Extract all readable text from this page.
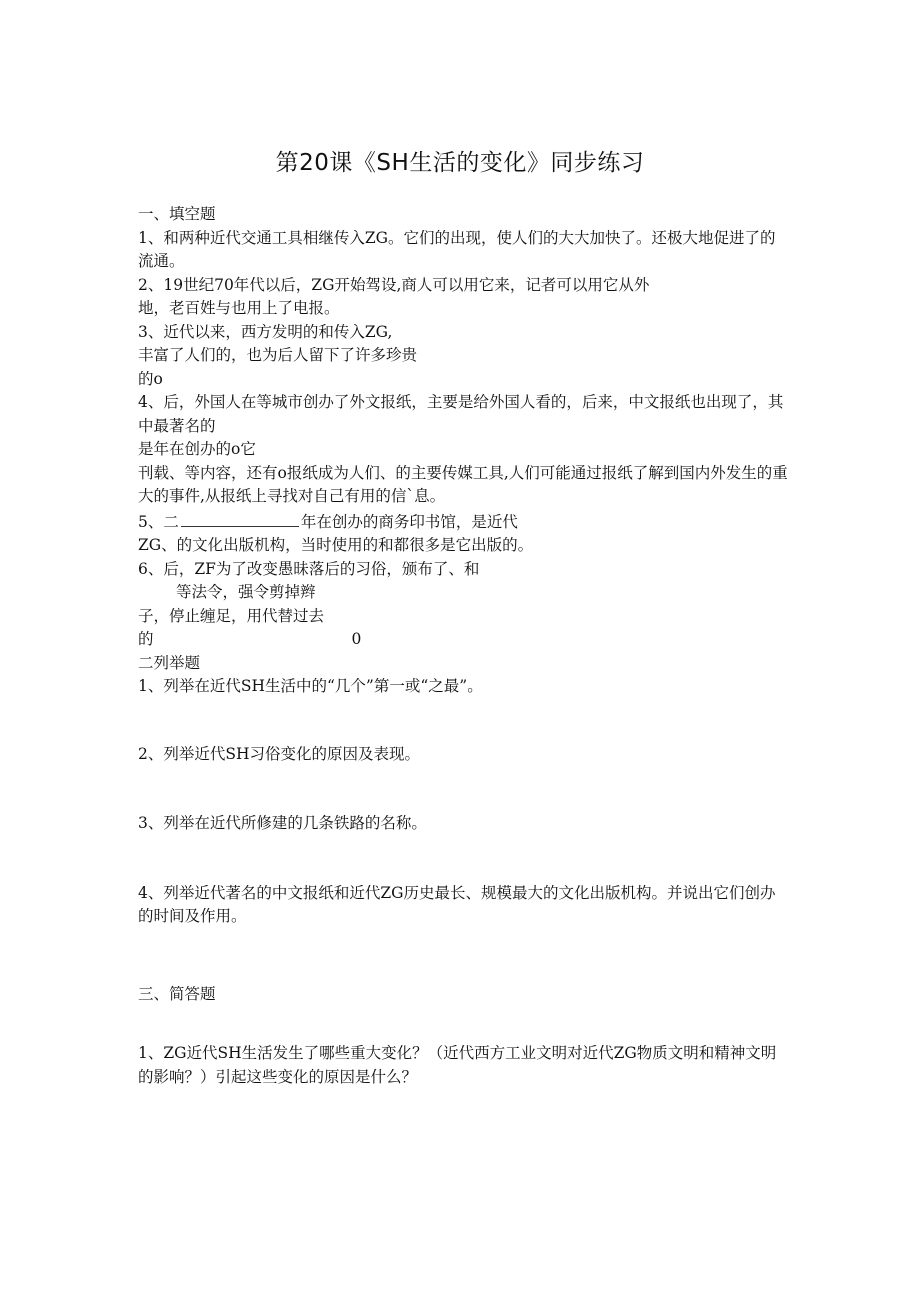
第20课《SH生活的变化》同步练习
一、填空题
1、和两种近代交通工具相继传入ZG。它们的出现，使人们的大大加快了。还极大地促进了的
流通。
2、19世纪70年代以后，ZG开始驾设,商人可以用它来，记者可以用它从外
地，老百姓与也用上了电报。
3、近代以来，西方发明的和传入ZG,
丰富了人们的，也为后人留下了许多珍贵
的o
4、后，外国人在等城市创办了外文报纸，主要是给外国人看的，后来，中文报纸也出现了，其中最著名的
是年在创办的o它
刊载、等内容，还有o报纸成为人们、的主要传媒工具,人们可能通过报纸了解到国内外发生的重大的事件,从报纸上寻找对自己有用的信`息。
5、二	年在创办的商务印书馆，是近代
ZG、的文化出版机构，当时使用的和都很多是它出版的。
6、后，ZF为了改变愚昧落后的习俗，颁布了、和
等法令，强令剪掉辫
子，停止缠足，用代替过去
的	0
二列举题
1、列举在近代SH生活中的“几个”第一或“之最”。
2、列举近代SH习俗变化的原因及表现。
3、列举在近代所修建的几条铁路的名称。
4、列举近代著名的中文报纸和近代ZG历史最长、规模最大的文化出版机构。并说出它们创办的时间及作用。
三、简答题
1、ZG近代SH生活发生了哪些重大变化？（近代西方工业文明对近代ZG物质文明和精神文明的影响？）引起这些变化的原因是什么？
